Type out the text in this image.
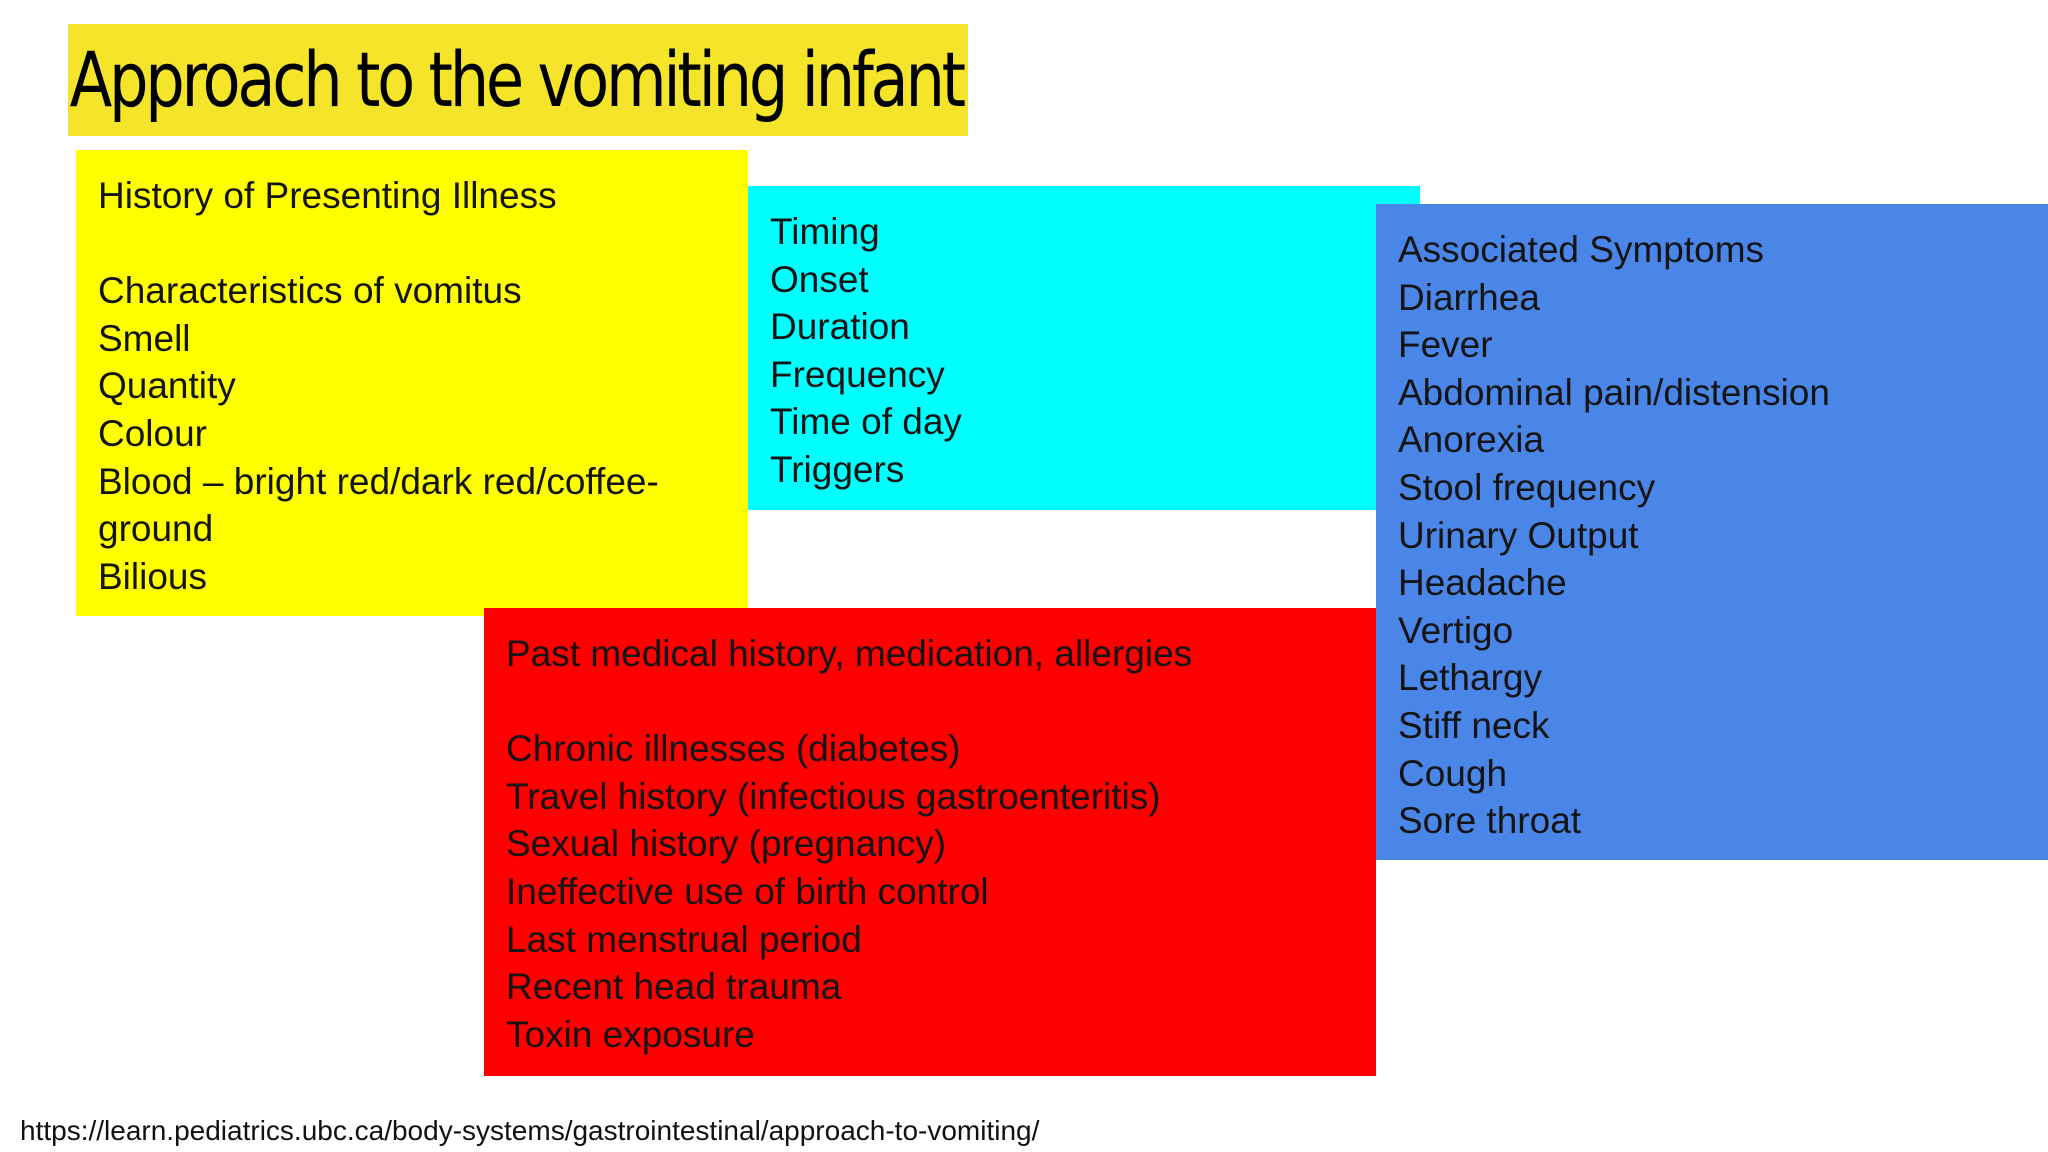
Approach to the vomiting infant
History of Presenting Illness
Characteristics of vomitus
Smell
Quantity
Colour
Blood – bright red/dark red/coffee-
ground
Bilious
Timing
Onset
Duration
Frequency
Time of day
Triggers
Past medical history, medication, allergies
Chronic illnesses (diabetes)
Travel history (infectious gastroenteritis)
Sexual history (pregnancy)
Ineffective use of birth control
Last menstrual period
Recent head trauma
Toxin exposure
Associated Symptoms
Diarrhea
Fever
Abdominal pain/distension
Anorexia
Stool frequency
Urinary Output
Headache
Vertigo
Lethargy
Stiff neck
Cough
Sore throat
https://learn.pediatrics.ubc.ca/body-systems/gastrointestinal/approach-to-vomiting/
